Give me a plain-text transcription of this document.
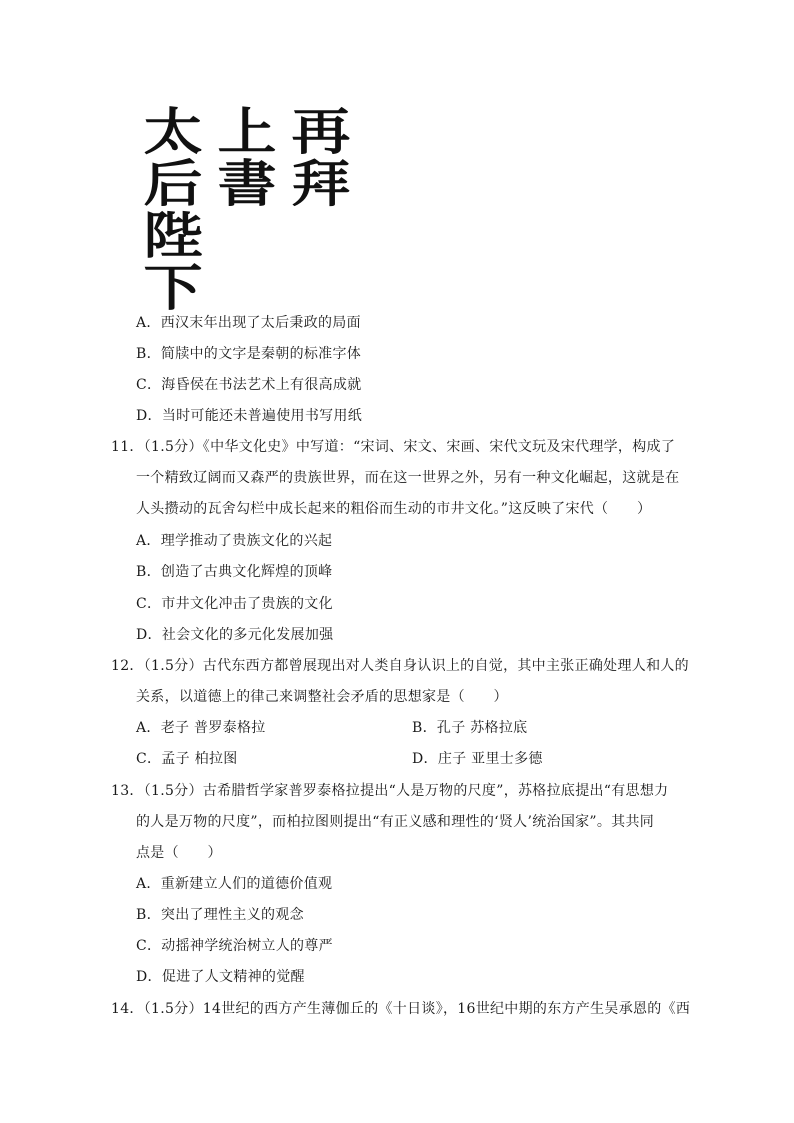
再
拜
上
書
太
后
陛
下
A．西汉末年出现了太后秉政的局面
B．简牍中的文字是秦朝的标准字体
C．海昏侯在书法艺术上有很高成就
D．当时可能还未普遍使用书写用纸
11．（1.5分）《中华文化史》中写道：“宋词、宋文、宋画、宋代文玩及宋代理学，构成了
一个精致辽阔而又森严的贵族世界，而在这一世界之外，另有一种文化崛起，这就是在
人头攒动的瓦舍勾栏中成长起来的粗俗而生动的市井文化。”这反映了宋代（　　）
A．理学推动了贵族文化的兴起
B．创造了古典文化辉煌的顶峰
C．市井文化冲击了贵族的文化
D．社会文化的多元化发展加强
12．（1.5分）古代东西方都曾展现出对人类自身认识上的自觉，其中主张正确处理人和人的
关系，以道德上的律己来调整社会矛盾的思想家是（　　）
A．老子 普罗泰格拉	B．孔子 苏格拉底
C．孟子 柏拉图	D．庄子 亚里士多德
13．（1.5分）古希腊哲学家普罗泰格拉提出“人是万物的尺度”，苏格拉底提出“有思想力
的人是万物的尺度”，而柏拉图则提出“有正义感和理性的‘贤人’统治国家”。其共同
点是（　　）
A．重新建立人们的道德价值观
B．突出了理性主义的观念
C．动摇神学统治树立人的尊严
D．促进了人文精神的觉醒
14．（1.5分）14世纪的西方产生薄伽丘的《十日谈》，16世纪中期的东方产生吴承恩的《西
